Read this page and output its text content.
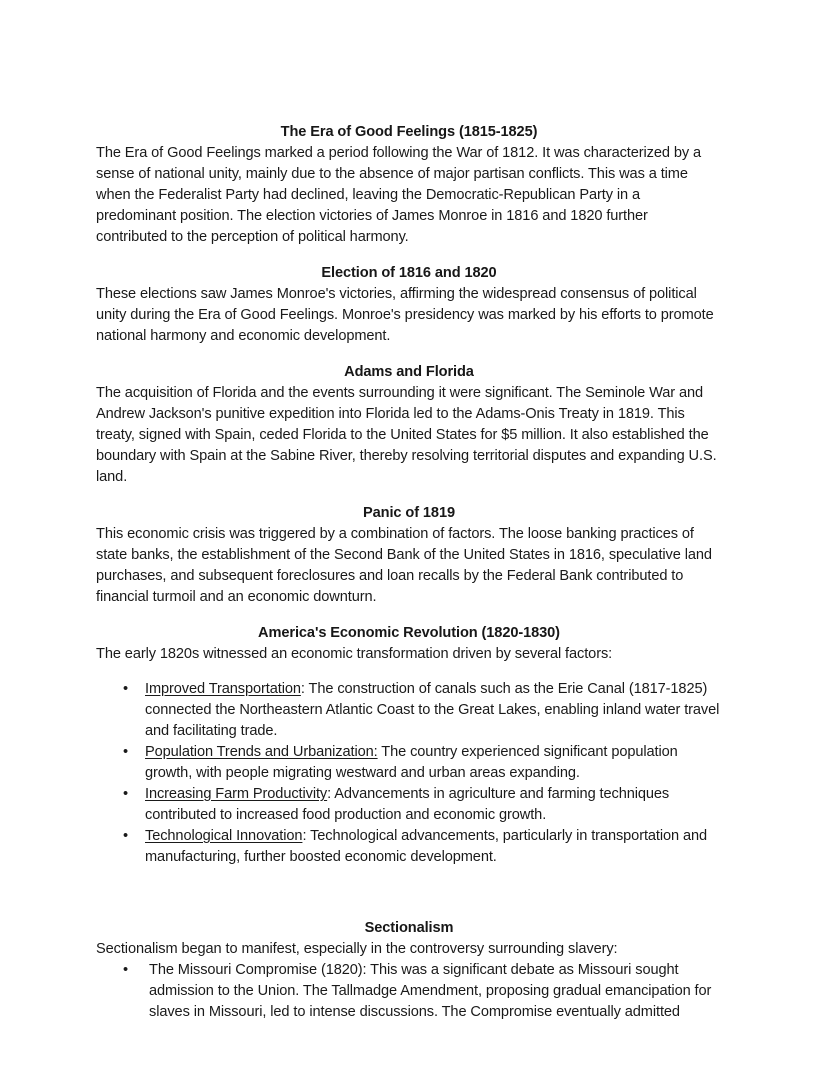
The Era of Good Feelings (1815-1825)

The Era of Good Feelings marked a period following the War of 1812. It was characterized by a sense of national unity, mainly due to the absence of major partisan conflicts. This was a time when the Federalist Party had declined, leaving the Democratic-Republican Party in a predominant position. The election victories of James Monroe in 1816 and 1820 further contributed to the perception of political harmony.

Election of 1816 and 1820

These elections saw James Monroe's victories, affirming the widespread consensus of political unity during the Era of Good Feelings. Monroe's presidency was marked by his efforts to promote national harmony and economic development.

Adams and Florida

The acquisition of Florida and the events surrounding it were significant. The Seminole War and Andrew Jackson's punitive expedition into Florida led to the Adams-Onis Treaty in 1819. This treaty, signed with Spain, ceded Florida to the United States for $5 million. It also established the boundary with Spain at the Sabine River, thereby resolving territorial disputes and expanding U.S. land.

Panic of 1819

This economic crisis was triggered by a combination of factors. The loose banking practices of state banks, the establishment of the Second Bank of the United States in 1816, speculative land purchases, and subsequent foreclosures and loan recalls by the Federal Bank contributed to financial turmoil and an economic downturn.

America's Economic Revolution (1820-1830)

The early 1820s witnessed an economic transformation driven by several factors:

• Improved Transportation: The construction of canals such as the Erie Canal (1817-1825) connected the Northeastern Atlantic Coast to the Great Lakes, enabling inland water travel and facilitating trade.
• Population Trends and Urbanization: The country experienced significant population growth, with people migrating westward and urban areas expanding.
• Increasing Farm Productivity: Advancements in agriculture and farming techniques contributed to increased food production and economic growth.
• Technological Innovation: Technological advancements, particularly in transportation and manufacturing, further boosted economic development.

Sectionalism

Sectionalism began to manifest, especially in the controversy surrounding slavery:

• The Missouri Compromise (1820): This was a significant debate as Missouri sought admission to the Union. The Tallmadge Amendment, proposing gradual emancipation for slaves in Missouri, led to intense discussions. The Compromise eventually admitted
